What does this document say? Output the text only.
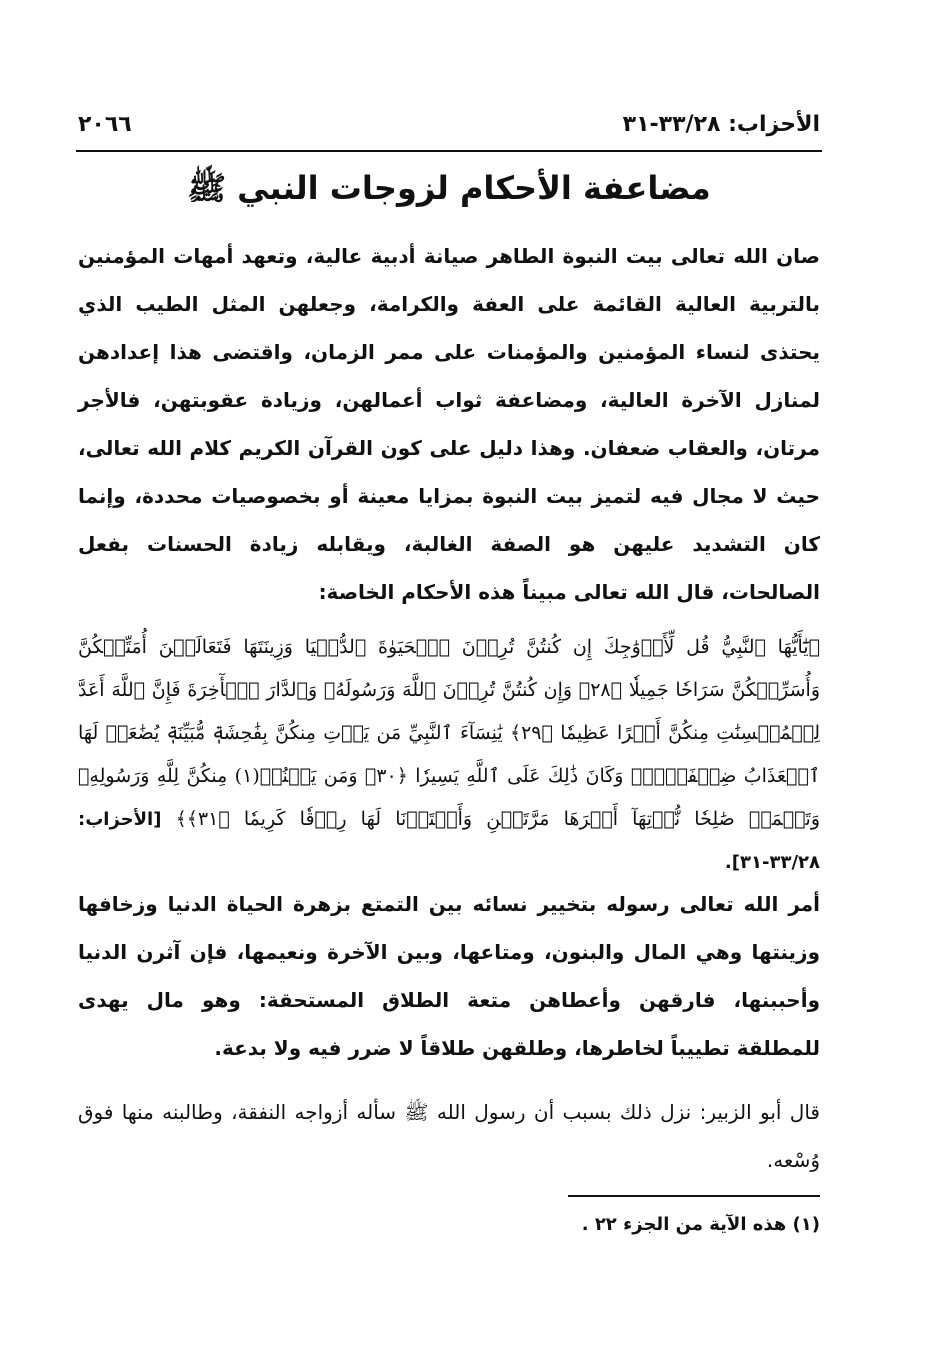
الأحزاب: ٣٣/٢٨-٣١
٢٠٦٦
مضاعفة الأحكام لزوجات النبي ﷺ
صان الله تعالى بيت النبوة الطاهر صيانة أدبية عالية، وتعهد أمهات المؤمنين بالتربية العالية القائمة على العفة والكرامة، وجعلهن المثل الطيب الذي يحتذى لنساء المؤمنين والمؤمنات على ممر الزمان، واقتضى هذا إعدادهن لمنازل الآخرة العالية، ومضاعفة ثواب أعمالهن، وزيادة عقوبتهن، فالأجر مرتان، والعقاب ضعفان. وهذا دليل على كون القرآن الكريم كلام الله تعالى، حيث لا مجال فيه لتميز بيت النبوة بمزايا معينة أو بخصوصيات محددة، وإنما كان التشديد عليهن هو الصفة الغالبة، ويقابله زيادة الحسنات بفعل الصالحات، قال الله تعالى مبيناً هذه الأحكام الخاصة:
﴿يَٰٓأَيُّهَا ٱلنَّبِيُّ قُل لِّأَزۡوَٰجِكَ إِن كُنتُنَّ تُرِدۡنَ ٱلۡحَيَوٰةَ ٱلدُّنۡيَا وَزِينَتَهَا فَتَعَالَيۡنَ أُمَتِّعۡكُنَّ وَأُسَرِّحۡكُنَّ سَرَاحٗا جَمِيلٗا ﴿٢٨﴾ وَإِن كُنتُنَّ تُرِدۡنَ ٱللَّهَ وَرَسُولَهُۥ وَٱلدَّارَ ٱلۡأٓخِرَةَ فَإِنَّ ٱللَّهَ أَعَدَّ لِلۡمُحۡسِنَٰتِ مِنكُنَّ أَجۡرًا عَظِيمٗا ﴿٢٩﴾ يَٰنِسَآءَ ٱلنَّبِيِّ مَن يَأۡتِ مِنكُنَّ بِفَٰحِشَةٖ مُّبَيِّنَةٖ يُضَٰعَفۡ لَهَا ٱلۡعَذَابُ ضِعۡفَيۡنِۚ وَكَانَ ذَٰلِكَ عَلَى ٱللَّهِ يَسِيرٗا ﴿٣٠﴾ وَمَن يَقۡنُتۡ(١) مِنكُنَّ لِلَّهِ وَرَسُولِهِۦ وَتَعۡمَلۡ صَٰلِحٗا نُّؤۡتِهَآ أَجۡرَهَا مَرَّتَيۡنِ وَأَعۡتَدۡنَا لَهَا رِزۡقٗا كَرِيمٗا ﴿٣١﴾﴾ [الأحزاب: ٣٣/٢٨-٣١].
أمر الله تعالى رسوله بتخيير نسائه بين التمتع بزهرة الحياة الدنيا وزخافها وزينتها وهي المال والبنون، ومتاعها، وبين الآخرة ونعيمها، فإن آثرن الدنيا وأحببنها، فارقهن وأعطاهن متعة الطلاق المستحقة: وهو مال يهدى للمطلقة تطييباً لخاطرها، وطلقهن طلاقاً لا ضرر فيه ولا بدعة.
قال أبو الزبير: نزل ذلك بسبب أن رسول الله ﷺ سأله أزواجه النفقة، وطالبنه منها فوق وُسْعه.
(١) هذه الآية من الجزء ٢٢ .
